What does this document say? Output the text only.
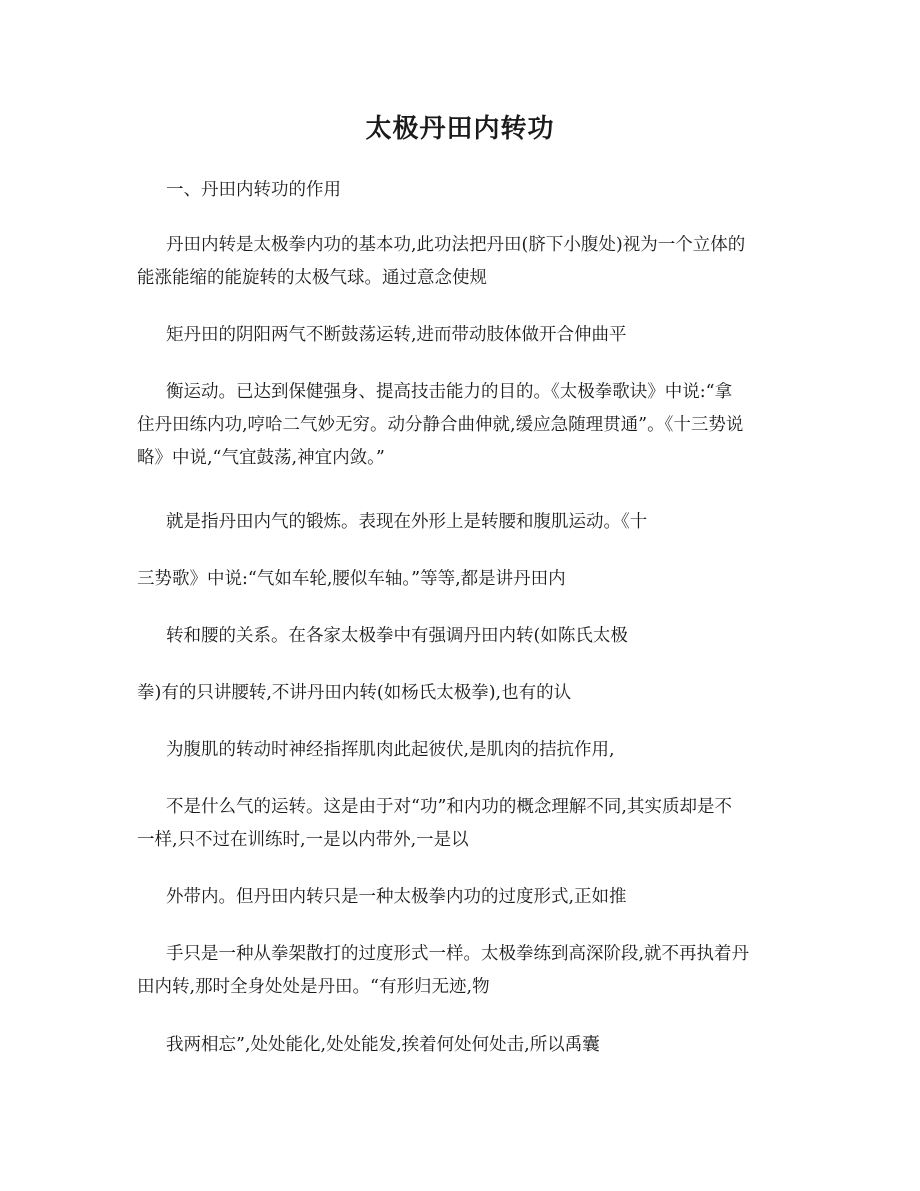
太极丹田内转功

一、丹田内转功的作用

丹田内转是太极拳内功的基本功,此功法把丹田(脐下小腹处)视为一个立体的

能涨能缩的能旋转的太极气球。通过意念使规

矩丹田的阴阳两气不断鼓荡运转,进而带动肢体做开合伸曲平

衡运动。已达到保健强身、提高技击能力的目的。《太极拳歌诀》中说:“拿

住丹田练内功,哼哈二气妙无穷。动分静合曲伸就,缓应急随理贯通”。《十三势说

略》中说,“气宜鼓荡,神宜内敛。”

就是指丹田内气的锻炼。表现在外形上是转腰和腹肌运动。《十

三势歌》中说:“气如车轮,腰似车轴。”等等,都是讲丹田内

转和腰的关系。在各家太极拳中有强调丹田内转(如陈氏太极

拳)有的只讲腰转,不讲丹田内转(如杨氏太极拳),也有的认

为腹肌的转动时神经指挥肌肉此起彼伏,是肌肉的拮抗作用,

不是什么气的运转。这是由于对“功”和内功的概念理解不同,其实质却是不

一样,只不过在训练时,一是以内带外,一是以

外带内。但丹田内转只是一种太极拳内功的过度形式,正如推

手只是一种从拳架散打的过度形式一样。太极拳练到高深阶段,就不再执着丹

田内转,那时全身处处是丹田。“有形归无迹,物

我两相忘”,处处能化,处处能发,挨着何处何处击,所以禹囊
